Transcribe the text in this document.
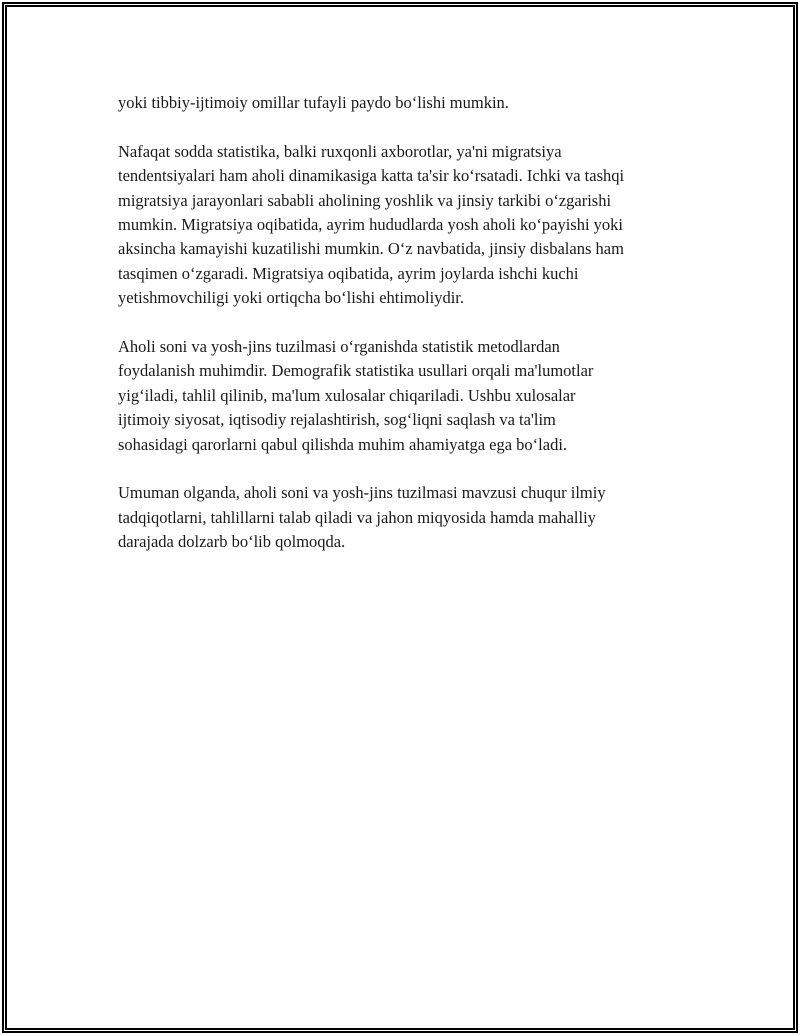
yoki tibbiy-ijtimoiy omillar tufayli paydo bo‘lishi mumkin.

Nafaqat sodda statistika, balki ruxqonli axborotlar, ya'ni migratsiya
tendentsiyalari ham aholi dinamikasiga katta ta'sir ko‘rsatadi. Ichki va tashqi
migratsiya jarayonlari sababli aholining yoshlik va jinsiy tarkibi o‘zgarishi
mumkin. Migratsiya oqibatida, ayrim hududlarda yosh aholi ko‘payishi yoki
aksincha kamayishi kuzatilishi mumkin. O‘z navbatida, jinsiy disbalans ham
tasqimen o‘zgaradi. Migratsiya oqibatida, ayrim joylarda ishchi kuchi
yetishmovchiligi yoki ortiqcha bo‘lishi ehtimoliydir.

Aholi soni va yosh-jins tuzilmasi o‘rganishda statistik metodlardan
foydalanish muhimdir. Demografik statistika usullari orqali ma'lumotlar
yig‘iladi, tahlil qilinib, ma'lum xulosalar chiqariladi. Ushbu xulosalar
ijtimoiy siyosat, iqtisodiy rejalashtirish, sog‘liqni saqlash va ta'lim
sohasidagi qarorlarni qabul qilishda muhim ahamiyatga ega bo‘ladi.

Umuman olganda, aholi soni va yosh-jins tuzilmasi mavzusi chuqur ilmiy
tadqiqotlarni, tahlillarni talab qiladi va jahon miqyosida hamda mahalliy
darajada dolzarb bo‘lib qolmoqda.
